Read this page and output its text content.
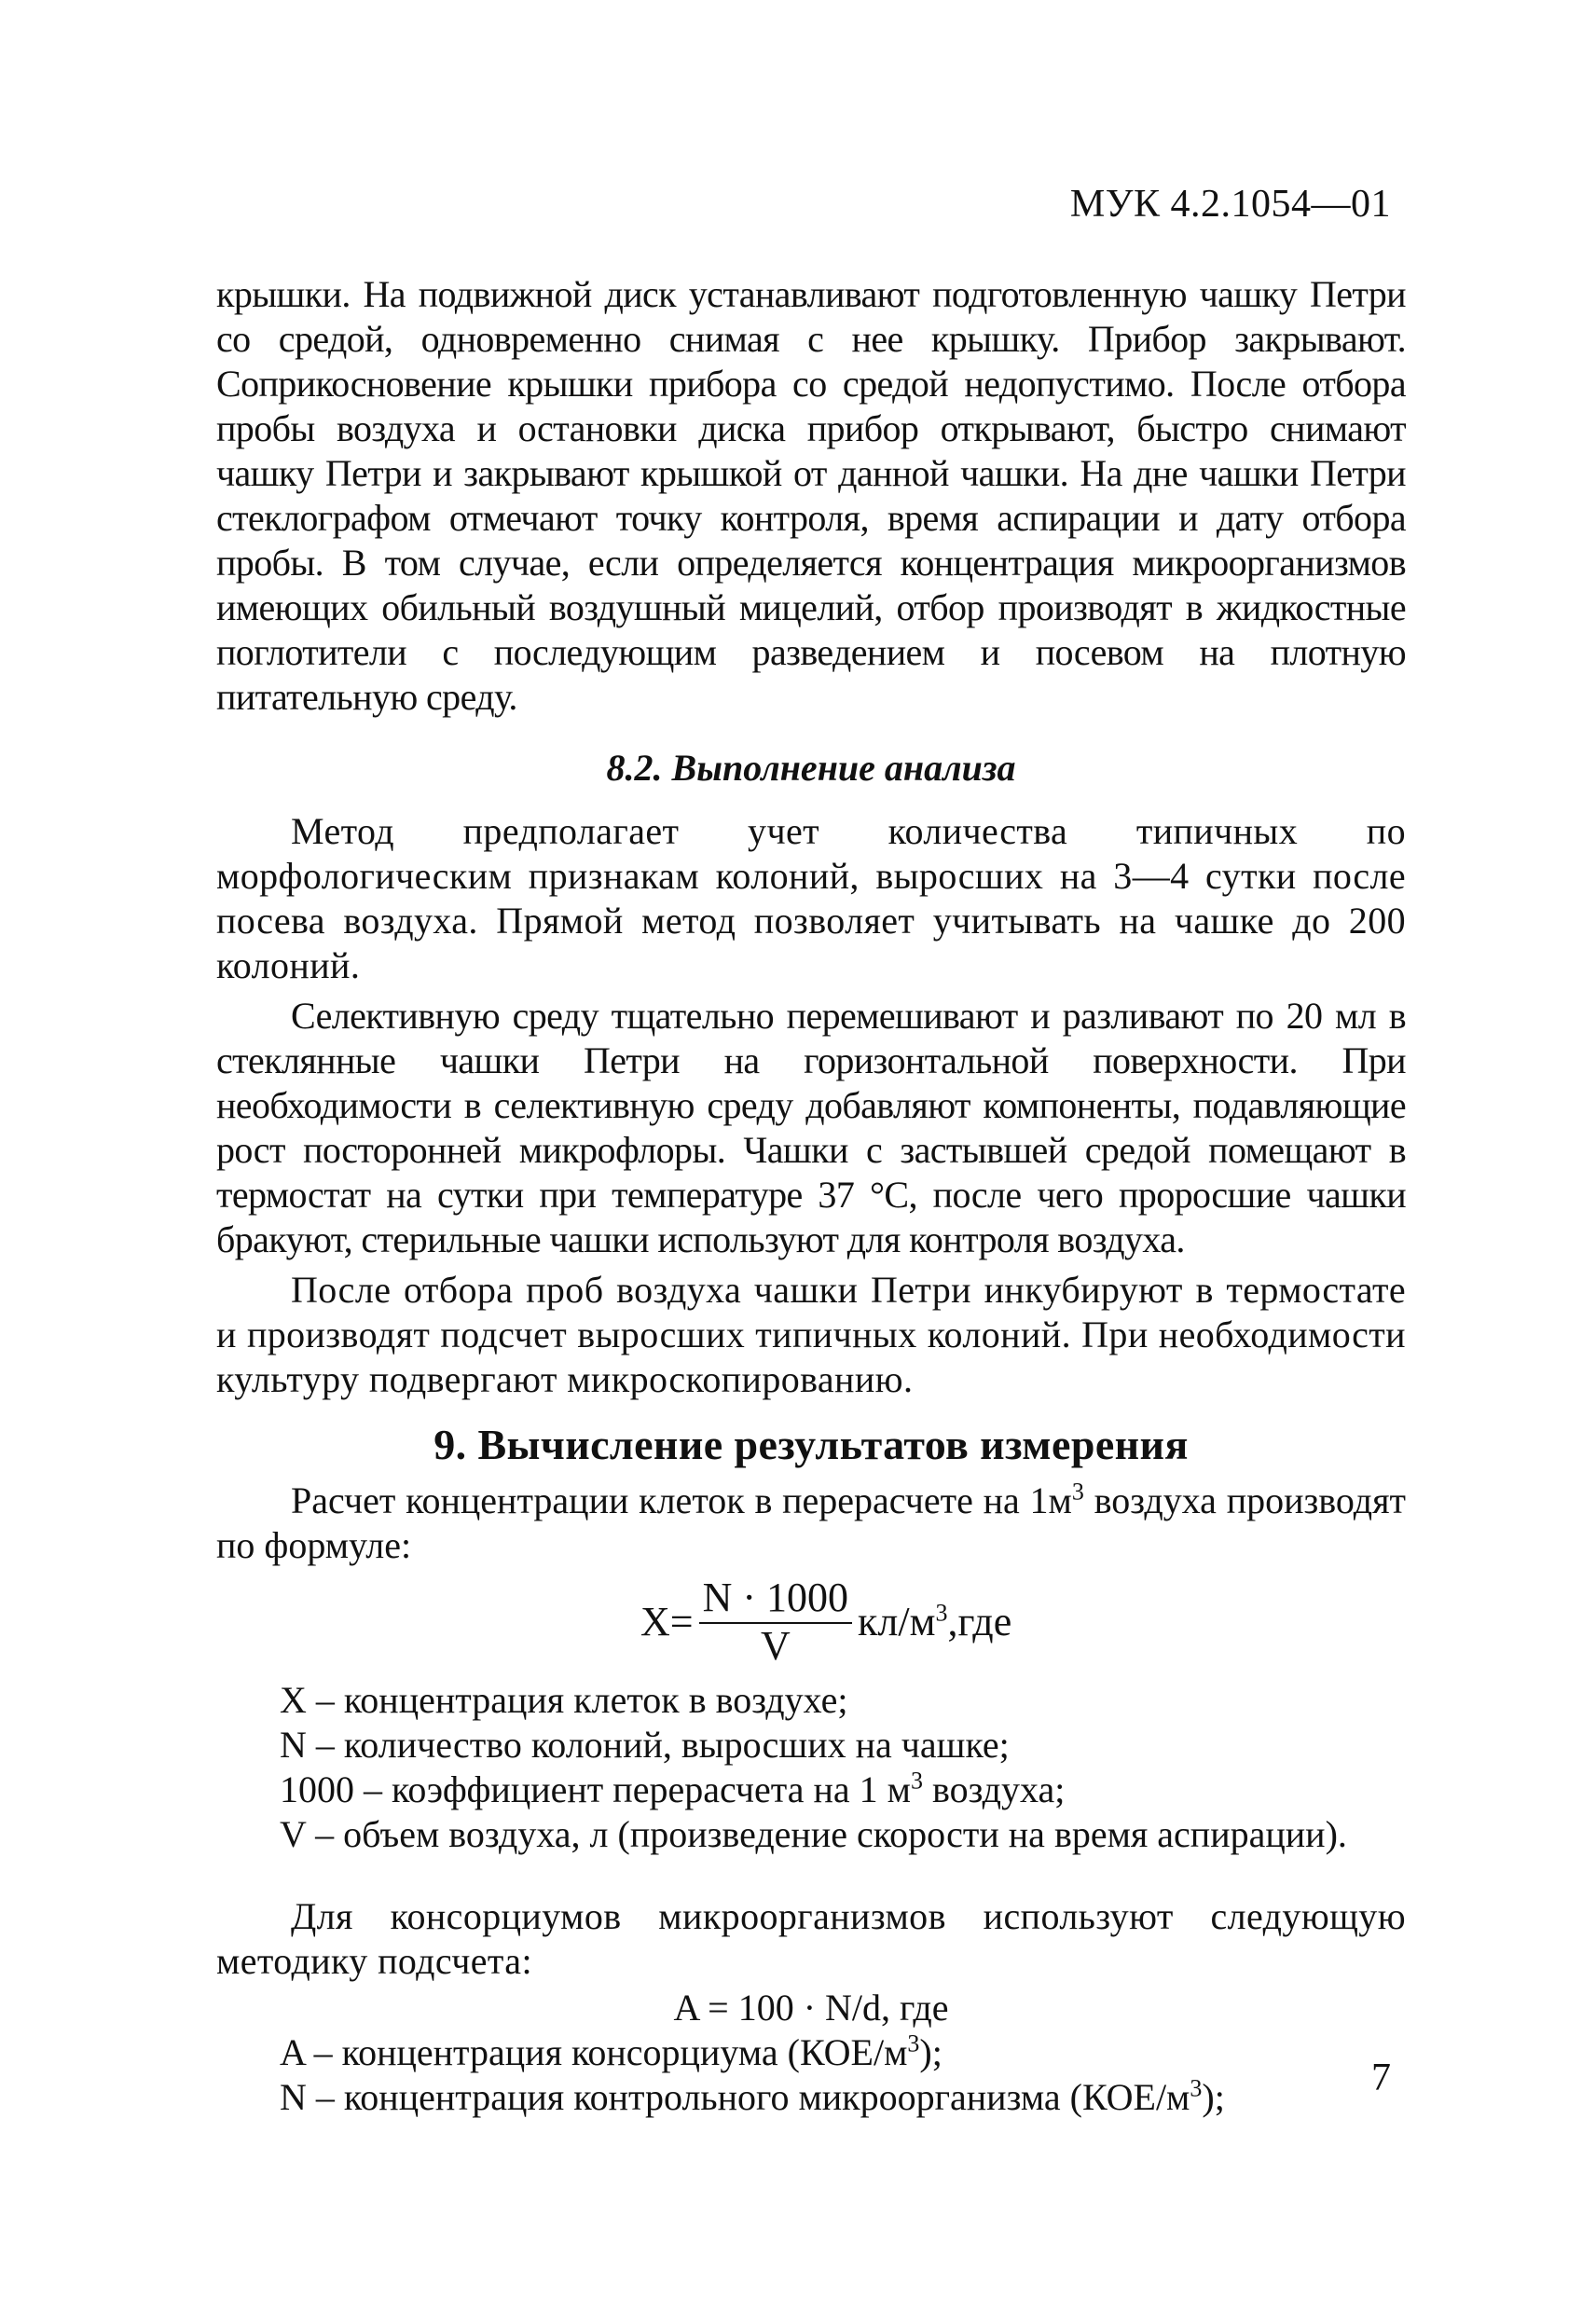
МУК 4.2.1054—01

крышки. На подвижной диск устанавливают подготовленную чашку Петри со средой, одновременно снимая с нее крышку. Прибор закрывают. Соприкосновение крышки прибора со средой недопустимо. После отбора пробы воздуха и остановки диска прибор открывают, быстро снимают чашку Петри и закрывают крышкой от данной чашки. На дне чашки Петри стеклографом отмечают точку контроля, время аспирации и дату отбора пробы. В том случае, если определяется концентрация микроорганизмов имеющих обильный воздушный мицелий, отбор производят в жидкостные поглотители с последующим разведением и посевом на плотную питательную среду.

8.2. Выполнение анализа

Метод предполагает учет количества типичных по морфологическим признакам колоний, выросших на 3—4 сутки после посева воздуха. Прямой метод позволяет учитывать на чашке до 200 колоний.

Селективную среду тщательно перемешивают и разливают по 20 мл в стеклянные чашки Петри на горизонтальной поверхности. При необходимости в селективную среду добавляют компоненты, подавляющие рост посторонней микрофлоры. Чашки с застывшей средой помещают в термостат на сутки при температуре 37 °С, после чего проросшие чашки бракуют, стерильные чашки используют для контроля воздуха.

После отбора проб воздуха чашки Петри инкубируют в термостате и производят подсчет выросших типичных колоний. При необходимости культуру подвергают микроскопированию.

9. Вычисление результатов измерения

Расчет концентрации клеток в перерасчете на $1м^3$ воздуха производят по формуле:

$X = \frac{N \cdot 1000}{V} кл/м^3,где$
X – концентрация клеток в воздухе;
N – количество колоний, выросших на чашке;
1000 – коэффициент перерасчета на 1 $м^3$ воздуха;
V – объем воздуха, л (произведение скорости на время аспирации).

Для консорциумов микроорганизмов используют следующую методику подсчета:

A = 100 · N/d, где
A – концентрация консорциума $(КОЕ/м^3)$;
N – концентрация контрольного микроорганизма $(КОЕ/м^3)$;	7
